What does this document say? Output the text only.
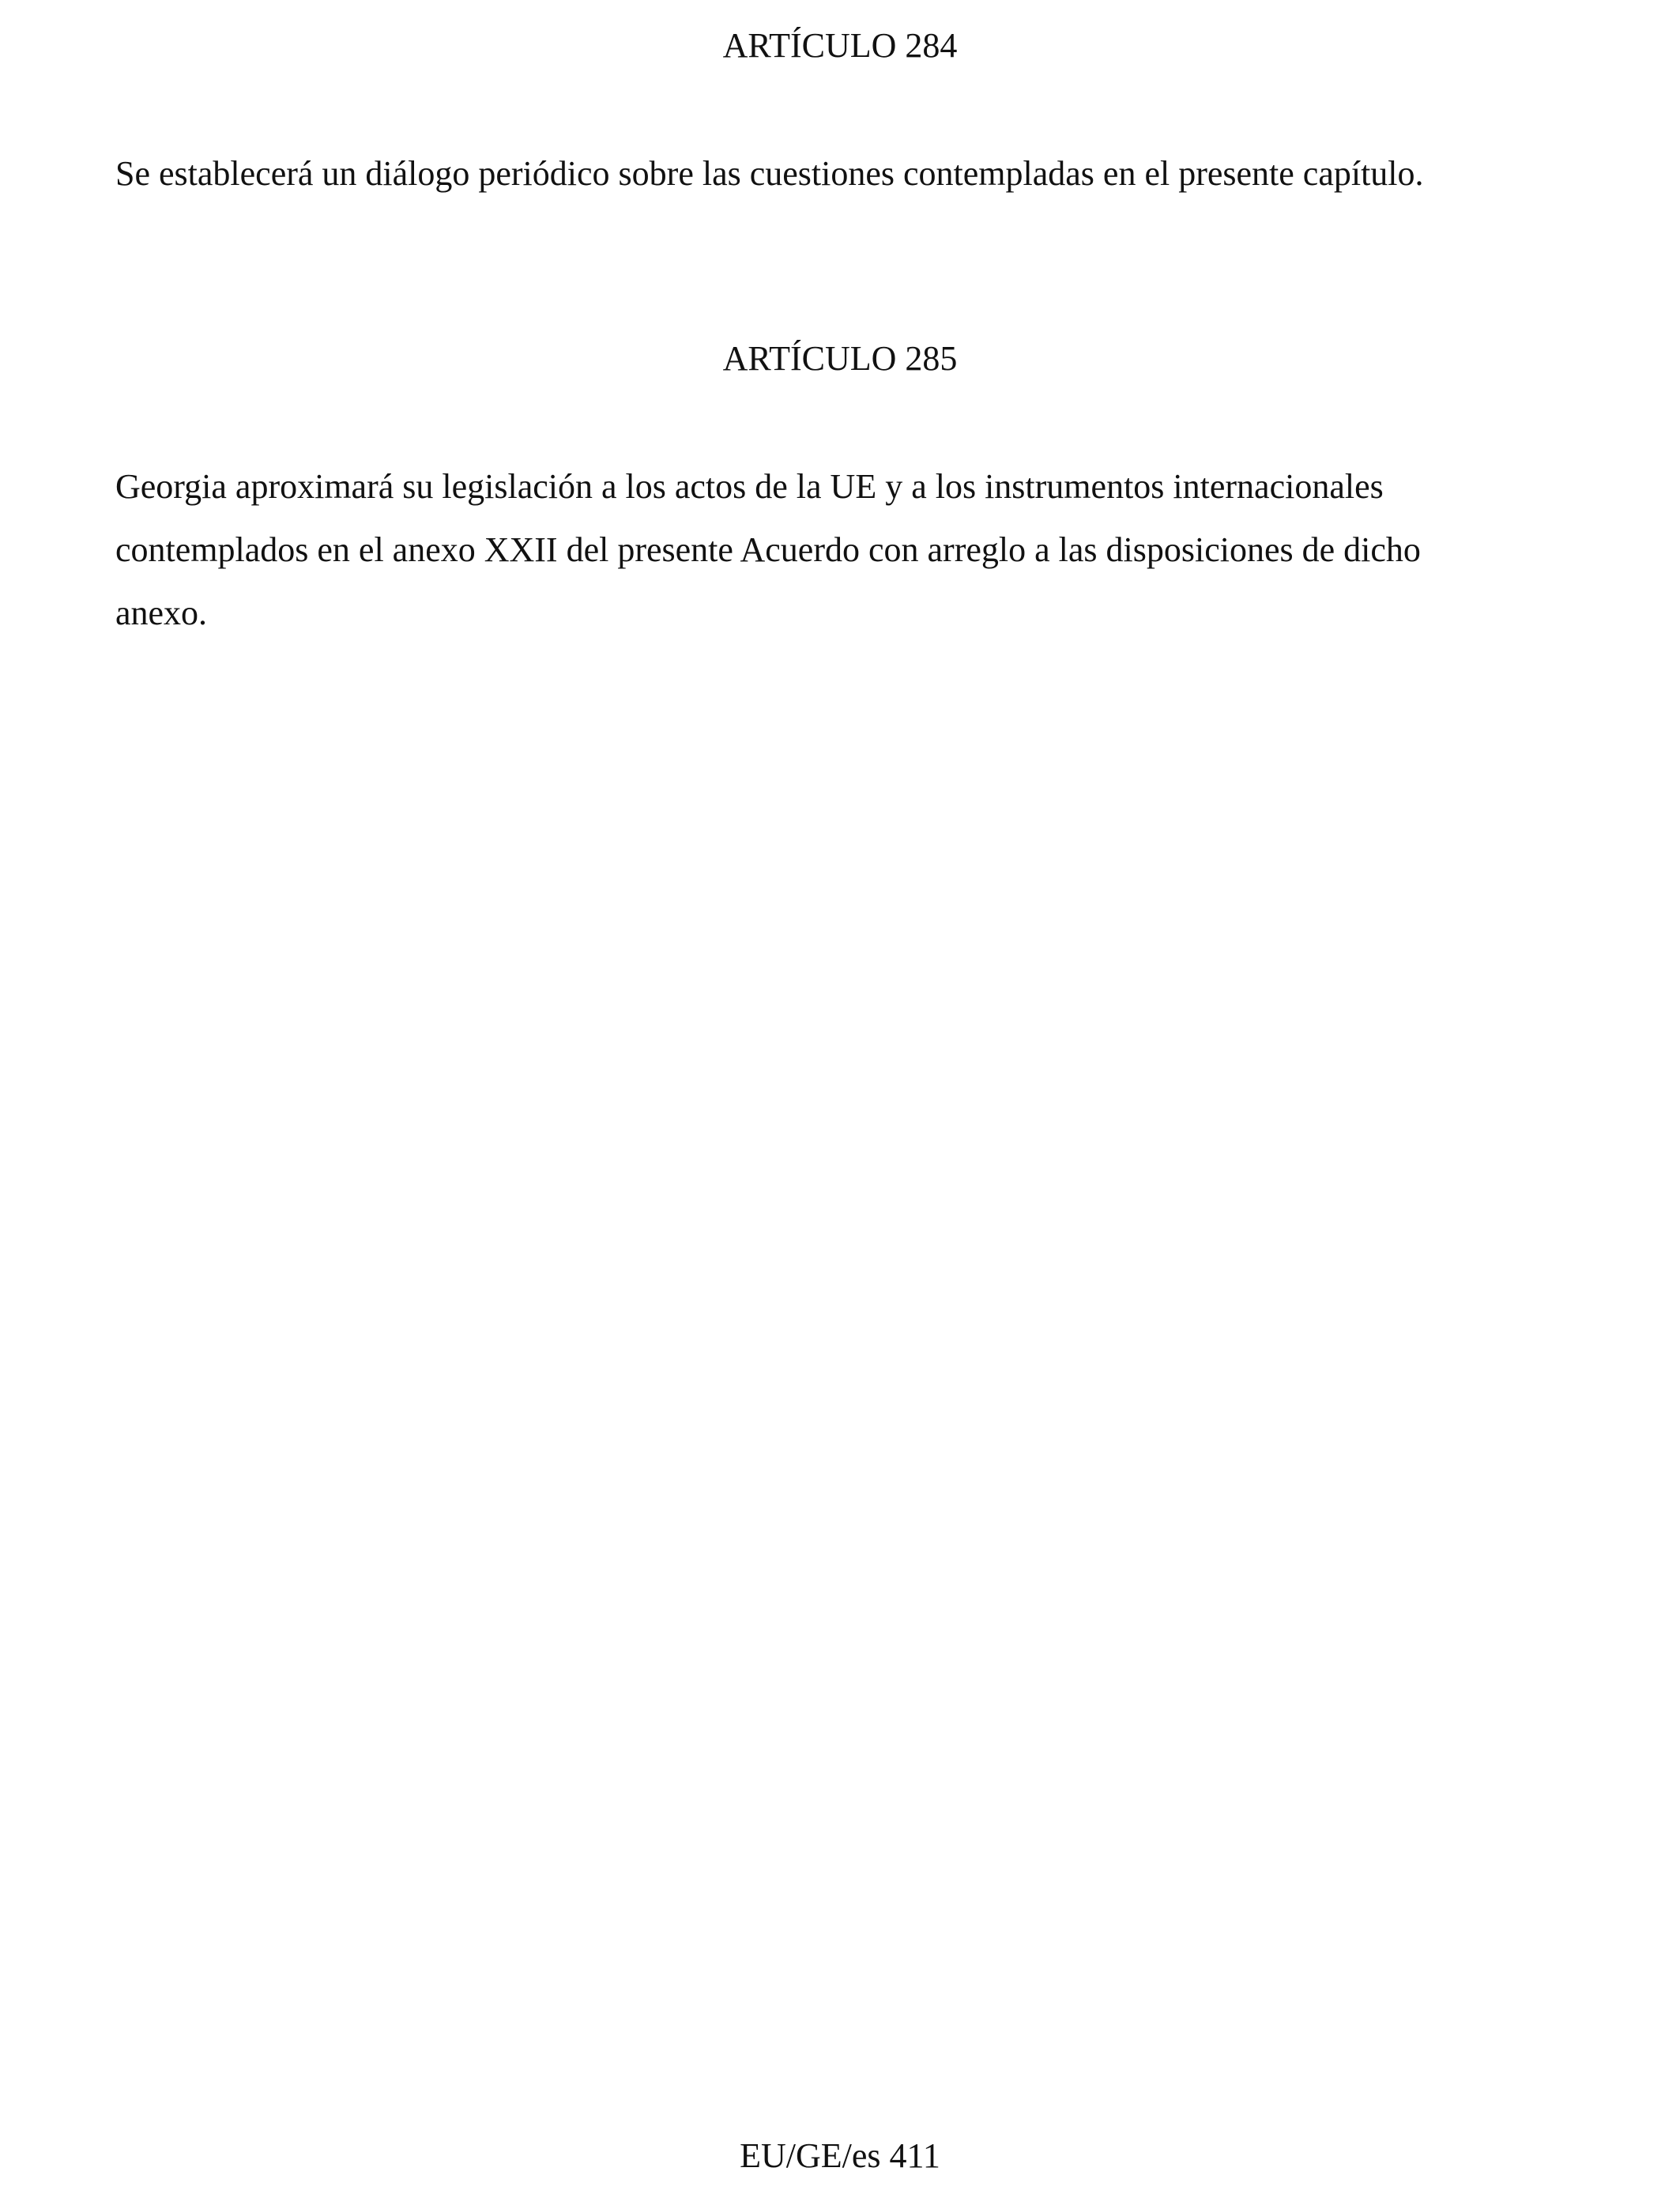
ARTÍCULO 284
Se establecerá un diálogo periódico sobre las cuestiones contempladas en el presente capítulo.
ARTÍCULO 285
Georgia aproximará su legislación a los actos de la UE y a los instrumentos internacionales
contemplados en el anexo XXII del presente Acuerdo con arreglo a las disposiciones de dicho
anexo.
EU/GE/es 411
